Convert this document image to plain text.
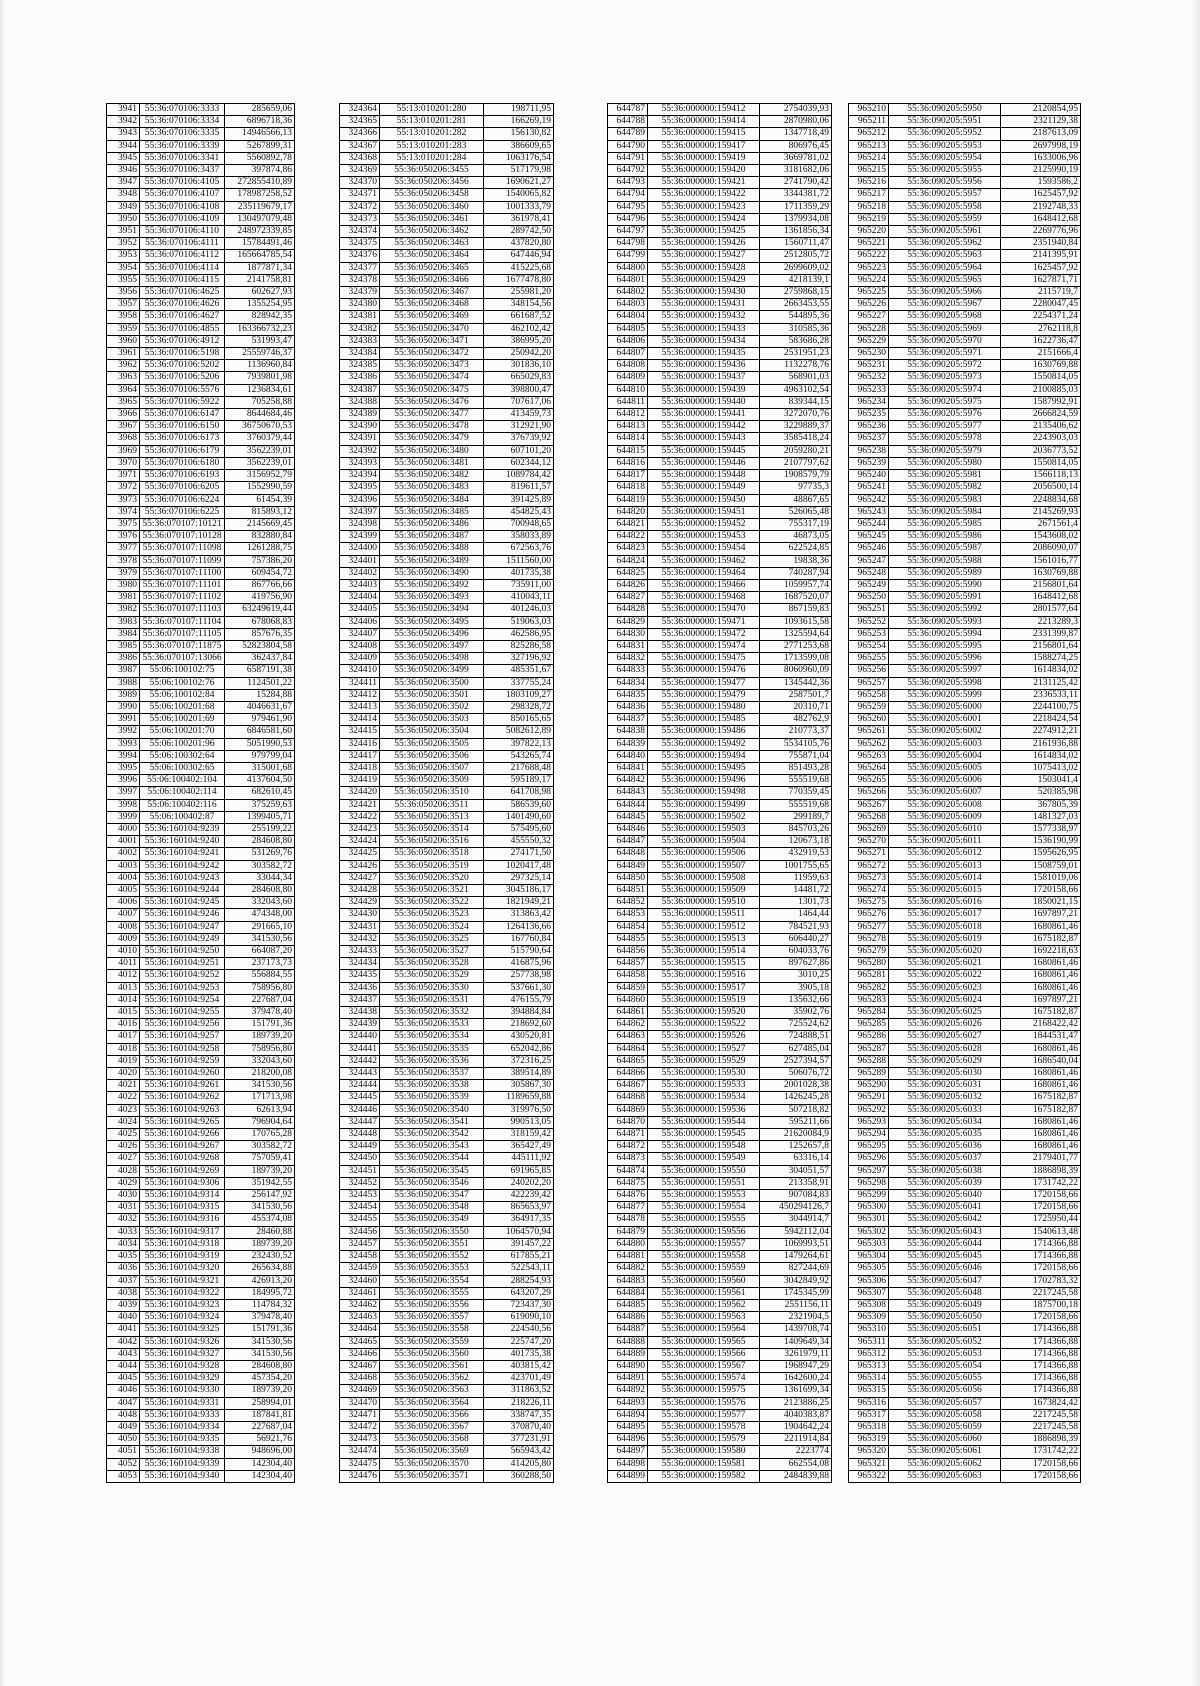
3941	55:36:070106:3333	285659,06
3942	55:36:070106:3334	6896718,36
3943	55:36:070106:3335	14946566,13
3944	55:36:070106:3339	5267899,31
3945	55:36:070106:3341	5560892,78
3946	55:36:070106:3437	397874,86
3947	55:36:070106:4105	272855410,89
3948	55:36:070106:4107	178987258,52
3949	55:36:070106:4108	235119679,17
3950	55:36:070106:4109	130497079,48
3951	55:36:070106:4110	248972339,85
3952	55:36:070106:4111	15784491,46
3953	55:36:070106:4112	165664785,54
3954	55:36:070106:4114	1877871,34
3955	55:36:070106:4115	2141758,81
3956	55:36:070106:4625	602627,93
3957	55:36:070106:4626	1355254,95
3958	55:36:070106:4627	828942,35
3959	55:36:070106:4855	163366732,23
3960	55:36:070106:4912	531993,47
3961	55:36:070106:5198	25559746,37
3962	55:36:070106:5202	1136960,84
3963	55:36:070106:5206	7939801,98
3964	55:36:070106:5576	1236834,61
3965	55:36:070106:5922	705258,88
3966	55:36:070106:6147	8644684,46
3967	55:36:070106:6150	36750670,53
3968	55:36:070106:6173	3760379,44
3969	55:36:070106:6179	3562239,01
3970	55:36:070106:6180	3562239,01
3971	55:36:070106:6193	3156952,79
3972	55:36:070106:6205	1552990,59
3973	55:36:070106:6224	61454,39
3974	55:36:070106:6225	815893,12
3975	55:36:070107:10121	2145669,45
3976	55:36:070107:10128	832880,84
3977	55:36:070107:11098	1261288,75
3978	55:36:070107:11099	757386,20
3979	55:36:070107:11100	609454,72
3980	55:36:070107:11101	867766,66
3981	55:36:070107:11102	419756,90
3982	55:36:070107:11103	63249619,44
3983	55:36:070107:11104	678068,83
3984	55:36:070107:11105	857676,35
3985	55:36:070107:11875	52823804,58
3986	55:36:070107:13066	362437,84
3987	55:06:100102:75	6587191,38
3988	55:06:100102:76	1124501,22
3989	55:06:100102:84	15284,88
3990	55:06:100201:68	4046631,67
3991	55:06:100201:69	979461,90
3992	55:06:100201:70	6846581,60
3993	55:06:100201:96	5051990,53
3994	55:06:100302:64	979799,04
3995	55:06:100302:65	315001,68
3996	55:06:100402:104	4137604,50
3997	55:06:100402:114	682610,45
3998	55:06:100402:116	375259,63
3999	55:06:100402:87	1399405,71
4000	55:36:160104:9239	255199,22
4001	55:36:160104:9240	284608,80
4002	55:36:160104:9241	531269,76
4003	55:36:160104:9242	303582,72
4004	55:36:160104:9243	33044,34
4005	55:36:160104:9244	284608,80
4006	55:36:160104:9245	332043,60
4007	55:36:160104:9246	474348,00
4008	55:36:160104:9247	291665,10
4009	55:36:160104:9249	341530,56
4010	55:36:160104:9250	664087,20
4011	55:36:160104:9251	237173,73
4012	55:36:160104:9252	556884,55
4013	55:36:160104:9253	758956,80
4014	55:36:160104:9254	227687,04
4015	55:36:160104:9255	379478,40
4016	55:36:160104:9256	151791,36
4017	55:36:160104:9257	189739,20
4018	55:36:160104:9258	758956,80
4019	55:36:160104:9259	332043,60
4020	55:36:160104:9260	218200,08
4021	55:36:160104:9261	341530,56
4022	55:36:160104:9262	171713,98
4023	55:36:160104:9263	62613,94
4024	55:36:160104:9265	796904,64
4025	55:36:160104:9266	170765,28
4026	55:36:160104:9267	303582,72
4027	55:36:160104:9268	757059,41
4028	55:36:160104:9269	189739,20
4029	55:36:160104:9306	351942,55
4030	55:36:160104:9314	256147,92
4031	55:36:160104:9315	341530,56
4032	55:36:160104:9316	455374,08
4033	55:36:160104:9317	28460,88
4034	55:36:160104:9318	189739,20
4035	55:36:160104:9319	232430,52
4036	55:36:160104:9320	265634,88
4037	55:36:160104:9321	426913,20
4038	55:36:160104:9322	184995,72
4039	55:36:160104:9323	114784,32
4040	55:36:160104:9324	379478,40
4041	55:36:160104:9325	151791,36
4042	55:36:160104:9326	341530,56
4043	55:36:160104:9327	341530,56
4044	55:36:160104:9328	284608,80
4045	55:36:160104:9329	457354,20
4046	55:36:160104:9330	189739,20
4047	55:36:160104:9331	258994,01
4048	55:36:160104:9333	187841,81
4049	55:36:160104:9334	227687,04
4050	55:36:160104:9335	56921,76
4051	55:36:160104:9338	948696,00
4052	55:36:160104:9339	142304,40
4053	55:36:160104:9340	142304,40
324364	55:13:010201:280	198711,95
324365	55:13:010201:281	166269,19
324366	55:13:010201:282	156130,82
324367	55:13:010201:283	386609,65
324368	55:13:010201:284	1063176,54
324369	55:36:050206:3455	517179,98
324370	55:36:050206:3456	1690621,27
324371	55:36:050206:3458	1540065,82
324372	55:36:050206:3460	1001333,79
324373	55:36:050206:3461	361978,41
324374	55:36:050206:3462	289742,50
324375	55:36:050206:3463	437820,80
324376	55:36:050206:3464	647446,94
324377	55:36:050206:3465	415225,68
324378	55:36:050206:3466	1677478,80
324379	55:36:050206:3467	255981,20
324380	55:36:050206:3468	348154,56
324381	55:36:050206:3469	661687,52
324382	55:36:050206:3470	462102,42
324383	55:36:050206:3471	386995,20
324384	55:36:050206:3472	250942,20
324385	55:36:050206:3473	301836,10
324386	55:36:050206:3474	665029,83
324387	55:36:050206:3475	398800,47
324388	55:36:050206:3476	707617,06
324389	55:36:050206:3477	413459,73
324390	55:36:050206:3478	312921,90
324391	55:36:050206:3479	376739,92
324392	55:36:050206:3480	607101,20
324393	55:36:050206:3481	602344,12
324394	55:36:050206:3482	1089784,42
324395	55:36:050206:3483	819611,57
324396	55:36:050206:3484	391425,89
324397	55:36:050206:3485	454825,43
324398	55:36:050206:3486	700948,65
324399	55:36:050206:3487	358033,89
324400	55:36:050206:3488	672563,76
324401	55:36:050206:3489	1511560,00
324402	55:36:050206:3490	401735,38
324403	55:36:050206:3492	735911,00
324404	55:36:050206:3493	410043,11
324405	55:36:050206:3494	401246,03
324406	55:36:050206:3495	519063,03
324407	55:36:050206:3496	462586,95
324408	55:36:050206:3497	825286,58
324409	55:36:050206:3498	327196,92
324410	55:36:050206:3499	485351,67
324411	55:36:050206:3500	337755,24
324412	55:36:050206:3501	1803109,27
324413	55:36:050206:3502	298328,72
324414	55:36:050206:3503	850165,65
324415	55:36:050206:3504	5082612,89
324416	55:36:050206:3505	397822,13
324417	55:36:050206:3506	543265,74
324418	55:36:050206:3507	217688,48
324419	55:36:050206:3509	595189,17
324420	55:36:050206:3510	641708,98
324421	55:36:050206:3511	586539,60
324422	55:36:050206:3513	1401490,60
324423	55:36:050206:3514	575495,60
324424	55:36:050206:3516	455550,32
324425	55:36:050206:3518	274171,50
324426	55:36:050206:3519	1020417,48
324427	55:36:050206:3520	297325,14
324428	55:36:050206:3521	3045186,17
324429	55:36:050206:3522	1821949,21
324430	55:36:050206:3523	313863,42
324431	55:36:050206:3524	1264136,66
324432	55:36:050206:3525	167760,84
324433	55:36:050206:3527	515790,64
324434	55:36:050206:3528	416875,96
324435	55:36:050206:3529	257738,98
324436	55:36:050206:3530	537661,30
324437	55:36:050206:3531	476155,79
324438	55:36:050206:3532	394884,84
324439	55:36:050206:3533	218692,60
324440	55:36:050206:3534	430520,81
324441	55:36:050206:3535	652042,86
324442	55:36:050206:3536	372316,25
324443	55:36:050206:3537	389514,89
324444	55:36:050206:3538	305867,30
324445	55:36:050206:3539	1189659,88
324446	55:36:050206:3540	319976,50
324447	55:36:050206:3541	990513,05
324448	55:36:050206:3542	318159,42
324449	55:36:050206:3543	365427,49
324450	55:36:050206:3544	445111,92
324451	55:36:050206:3545	691965,85
324452	55:36:050206:3546	240202,20
324453	55:36:050206:3547	422239,42
324454	55:36:050206:3548	865653,97
324455	55:36:050206:3549	364917,35
324456	55:36:050206:3550	1064570,94
324457	55:36:050206:3551	391457,22
324458	55:36:050206:3552	617855,21
324459	55:36:050206:3553	522543,11
324460	55:36:050206:3554	288254,93
324461	55:36:050206:3555	643207,29
324462	55:36:050206:3556	723437,30
324463	55:36:050206:3557	619090,10
324464	55:36:050206:3558	224540,56
324465	55:36:050206:3559	225747,20
324466	55:36:050206:3560	401735,38
324467	55:36:050206:3561	403815,42
324468	55:36:050206:3562	423701,49
324469	55:36:050206:3563	311863,52
324470	55:36:050206:3564	218226,11
324471	55:36:050206:3566	338747,35
324472	55:36:050206:3567	370870,40
324473	55:36:050206:3568	377231,91
324474	55:36:050206:3569	565943,42
324475	55:36:050206:3570	414205,80
324476	55:36:050206:3571	360288,50
644787	55:36:000000:159412	2754039,93
644788	55:36:000000:159414	2870980,06
644789	55:36:000000:159415	1347718,49
644790	55:36:000000:159417	806976,45
644791	55:36:000000:159419	3669781,02
644792	55:36:000000:159420	3181682,06
644793	55:36:000000:159421	2741790,42
644794	55:36:000000:159422	3344381,72
644795	55:36:000000:159423	1711359,29
644796	55:36:000000:159424	1379934,08
644797	55:36:000000:159425	1361856,34
644798	55:36:000000:159426	1560711,47
644799	55:36:000000:159427	2512805,72
644800	55:36:000000:159428	2699609,02
644801	55:36:000000:159429	4218139,1
644802	55:36:000000:159430	2759868,15
644803	55:36:000000:159431	2663453,55
644804	55:36:000000:159432	544895,36
644805	55:36:000000:159433	310585,36
644806	55:36:000000:159434	583686,28
644807	55:36:000000:159435	2531951,23
644808	55:36:000000:159436	1132278,76
644809	55:36:000000:159437	568901,03
644810	55:36:000000:159439	4963102,54
644811	55:36:000000:159440	839344,15
644812	55:36:000000:159441	3272070,76
644813	55:36:000000:159442	3229889,37
644814	55:36:000000:159443	3585418,24
644815	55:36:000000:159445	2059280,21
644816	55:36:000000:159446	2107797,62
644817	55:36:000000:159448	1908579,79
644818	55:36:000000:159449	97735,3
644819	55:36:000000:159450	48867,65
644820	55:36:000000:159451	526065,48
644821	55:36:000000:159452	755317,19
644822	55:36:000000:159453	46873,05
644823	55:36:000000:159454	622524,85
644824	55:36:000000:159462	19838,36
644825	55:36:000000:159464	740287,94
644826	55:36:000000:159466	1059957,74
644827	55:36:000000:159468	1687520,07
644828	55:36:000000:159470	867159,83
644829	55:36:000000:159471	1093615,58
644830	55:36:000000:159472	1325594,64
644831	55:36:000000:159474	2771253,68
644832	55:36:000000:159475	1713599,08
644833	55:36:000000:159476	8060960,09
644834	55:36:000000:159477	1345442,36
644835	55:36:000000:159479	2587501,7
644836	55:36:000000:159480	20310,71
644837	55:36:000000:159485	482762,9
644838	55:36:000000:159486	210773,37
644839	55:36:000000:159492	5534105,76
644840	55:36:000000:159494	755871,04
644841	55:36:000000:159495	851493,28
644842	55:36:000000:159496	555519,68
644843	55:36:000000:159498	770359,45
644844	55:36:000000:159499	555519,68
644845	55:36:000000:159502	299189,7
644846	55:36:000000:159503	845703,26
644847	55:36:000000:159504	120673,18
644848	55:36:000000:159506	432919,53
644849	55:36:000000:159507	1001755,65
644850	55:36:000000:159508	11959,63
644851	55:36:000000:159509	14481,72
644852	55:36:000000:159510	1301,73
644853	55:36:000000:159511	1464,44
644854	55:36:000000:159512	784521,93
644855	55:36:000000:159513	606440,27
644856	55:36:000000:159514	604033,76
644857	55:36:000000:159515	897627,86
644858	55:36:000000:159516	3010,25
644859	55:36:000000:159517	3905,18
644860	55:36:000000:159519	135632,66
644861	55:36:000000:159520	35902,76
644862	55:36:000000:159522	725524,62
644863	55:36:000000:159526	724888,51
644864	55:36:000000:159527	627485,04
644865	55:36:000000:159529	2527394,57
644866	55:36:000000:159530	506076,72
644867	55:36:000000:159533	2001028,38
644868	55:36:000000:159534	1426245,28
644869	55:36:000000:159536	507218,82
644870	55:36:000000:159544	595211,66
644871	55:36:000000:159545	21620084,9
644872	55:36:000000:159548	1252657,8
644873	55:36:000000:159549	63316,14
644874	55:36:000000:159550	304051,57
644875	55:36:000000:159551	213358,91
644876	55:36:000000:159553	907084,83
644877	55:36:000000:159554	450294126,7
644878	55:36:000000:159555	3044914,7
644879	55:36:000000:159556	5942112,04
644880	55:36:000000:159557	1069993,51
644881	55:36:000000:159558	1479264,61
644882	55:36:000000:159559	827244,69
644883	55:36:000000:159560	3042849,92
644884	55:36:000000:159561	1745345,99
644885	55:36:000000:159562	2551156,11
644886	55:36:000000:159563	2321904,5
644887	55:36:000000:159564	1439708,74
644888	55:36:000000:159565	1409649,34
644889	55:36:000000:159566	3261979,11
644890	55:36:000000:159567	1968947,29
644891	55:36:000000:159574	1642600,24
644892	55:36:000000:159575	1361699,34
644893	55:36:000000:159576	2123886,25
644894	55:36:000000:159577	4040383,87
644895	55:36:000000:159578	1904642,24
644896	55:36:000000:159579	2211914,84
644897	55:36:000000:159580	2223774
644898	55:36:000000:159581	662554,08
644899	55:36:000000:159582	2484839,88
965210	55:36:090205:5950	2120854,95
965211	55:36:090205:5951	2321129,38
965212	55:36:090205:5952	2187613,09
965213	55:36:090205:5953	2697998,19
965214	55:36:090205:5954	1633006,96
965215	55:36:090205:5955	2125990,19
965216	55:36:090205:5956	1593586,2
965217	55:36:090205:5957	1625457,92
965218	55:36:090205:5958	2192748,33
965219	55:36:090205:5959	1648412,68
965220	55:36:090205:5961	2269776,96
965221	55:36:090205:5962	2351940,84
965222	55:36:090205:5963	2141395,91
965223	55:36:090205:5964	1625457,92
965224	55:36:090205:5965	1627871,71
965225	55:36:090205:5966	2115719,7
965226	55:36:090205:5967	2280047,45
965227	55:36:090205:5968	2254371,24
965228	55:36:090205:5969	2762118,8
965229	55:36:090205:5970	1622736,47
965230	55:36:090205:5971	2151666,4
965231	55:36:090205:5972	1630769,88
965232	55:36:090205:5973	1550814,05
965233	55:36:090205:5974	2100885,03
965234	55:36:090205:5975	1587992,91
965235	55:36:090205:5976	2666824,59
965236	55:36:090205:5977	2135406,62
965237	55:36:090205:5978	2243903,03
965238	55:36:090205:5979	2036773,52
965239	55:36:090205:5980	1550814,05
965240	55:36:090205:5981	1566118,13
965241	55:36:090205:5982	2056500,14
965242	55:36:090205:5983	2248834,68
965243	55:36:090205:5984	2145269,93
965244	55:36:090205:5985	2671561,4
965245	55:36:090205:5986	1543608,02
965246	55:36:090205:5987	2086090,07
965247	55:36:090205:5988	1561016,77
965248	55:36:090205:5989	1630769,88
965249	55:36:090205:5990	2156801,64
965250	55:36:090205:5991	1648412,68
965251	55:36:090205:5992	2801577,64
965252	55:36:090205:5993	2213289,3
965253	55:36:090205:5994	2331399,87
965254	55:36:090205:5995	2156801,64
965255	55:36:090205:5996	1588274,25
965256	55:36:090205:5997	1614834,02
965257	55:36:090205:5998	2131125,42
965258	55:36:090205:5999	2336533,11
965259	55:36:090205:6000	2244100,75
965260	55:36:090205:6001	2218424,54
965261	55:36:090205:6002	2274912,21
965262	55:36:090205:6003	2161936,88
965263	55:36:090205:6004	1614834,02
965264	55:36:090205:6005	1075413,02
965265	55:36:090205:6006	1503041,4
965266	55:36:090205:6007	520385,98
965267	55:36:090205:6008	367805,39
965268	55:36:090205:6009	1481327,03
965269	55:36:090205:6010	1577338,97
965270	55:36:090205:6011	1536190,99
965271	55:36:090205:6012	1595626,95
965272	55:36:090205:6013	1508759,01
965273	55:36:090205:6014	1581019,06
965274	55:36:090205:6015	1720158,66
965275	55:36:090205:6016	1850021,15
965276	55:36:090205:6017	1697897,21
965277	55:36:090205:6018	1680861,46
965278	55:36:090205:6019	1675182,87
965279	55:36:090205:6020	1692218,63
965280	55:36:090205:6021	1680861,46
965281	55:36:090205:6022	1680861,46
965282	55:36:090205:6023	1680861,46
965283	55:36:090205:6024	1697897,21
965284	55:36:090205:6025	1675182,87
965285	55:36:090205:6026	2168422,42
965286	55:36:090205:6027	1844531,47
965287	55:36:090205:6028	1680861,46
965288	55:36:090205:6029	1686540,04
965289	55:36:090205:6030	1680861,46
965290	55:36:090205:6031	1680861,46
965291	55:36:090205:6032	1675182,87
965292	55:36:090205:6033	1675182,87
965293	55:36:090205:6034	1680861,46
965294	55:36:090205:6035	1680861,46
965295	55:36:090205:6036	1680861,46
965296	55:36:090205:6037	2179401,77
965297	55:36:090205:6038	1886898,39
965298	55:36:090205:6039	1731742,22
965299	55:36:090205:6040	1720158,66
965300	55:36:090205:6041	1720158,66
965301	55:36:090205:6042	1725950,44
965302	55:36:090205:6043	1540613,48
965303	55:36:090205:6044	1714366,88
965304	55:36:090205:6045	1714366,88
965305	55:36:090205:6046	1720158,66
965306	55:36:090205:6047	1702783,32
965307	55:36:090205:6048	2217245,58
965308	55:36:090205:6049	1875700,18
965309	55:36:090205:6050	1720158,66
965310	55:36:090205:6051	1714366,88
965311	55:36:090205:6052	1714366,88
965312	55:36:090205:6053	1714366,88
965313	55:36:090205:6054	1714366,88
965314	55:36:090205:6055	1714366,88
965315	55:36:090205:6056	1714366,88
965316	55:36:090205:6057	1673824,42
965317	55:36:090205:6058	2217245,58
965318	55:36:090205:6059	2217245,58
965319	55:36:090205:6060	1886898,39
965320	55:36:090205:6061	1731742,22
965321	55:36:090205:6062	1720158,66
965322	55:36:090205:6063	1720158,66
